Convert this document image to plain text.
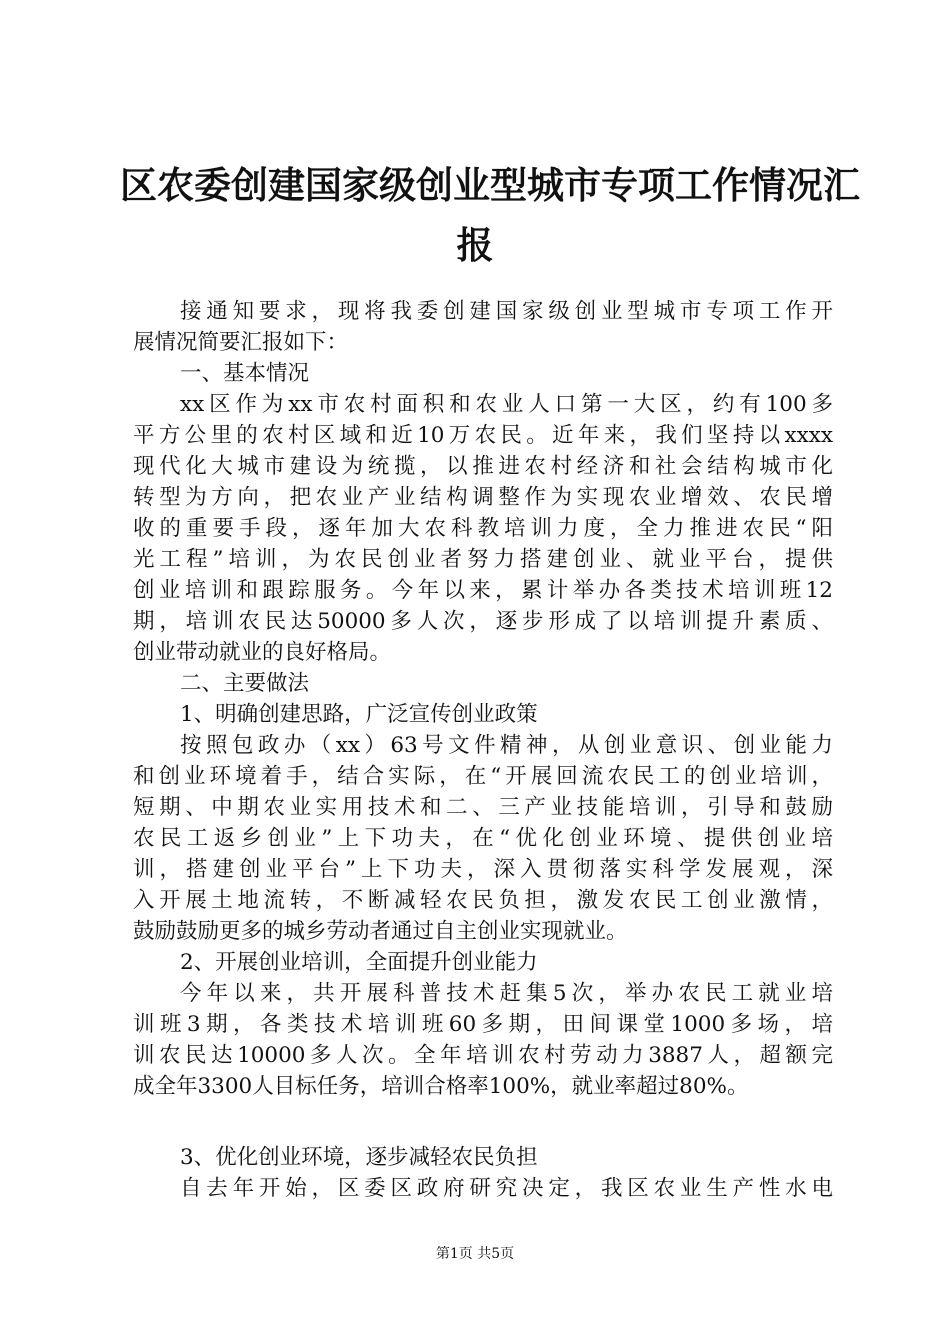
区农委创建国家级创业型城市专项工作情况汇
报
接通知要求，现将我委创建国家级创业型城市专项工作开
展情况简要汇报如下：
一、基本情况
xx区作为xx市农村面积和农业人口第一大区，约有100多
平方公里的农村区域和近10万农民。近年来，我们坚持以xxxx
现代化大城市建设为统揽，以推进农村经济和社会结构城市化
转型为方向，把农业产业结构调整作为实现农业增效、农民增
收的重要手段，逐年加大农科教培训力度，全力推进农民“阳
光工程”培训，为农民创业者努力搭建创业、就业平台，提供
创业培训和跟踪服务。今年以来，累计举办各类技术培训班12
期，培训农民达50000多人次，逐步形成了以培训提升素质、
创业带动就业的良好格局。
二、主要做法
1、明确创建思路，广泛宣传创业政策
按照包政办（xx）63号文件精神，从创业意识、创业能力
和创业环境着手，结合实际，在“开展回流农民工的创业培训，
短期、中期农业实用技术和二、三产业技能培训，引导和鼓励
农民工返乡创业”上下功夫，在“优化创业环境、提供创业培
训，搭建创业平台”上下功夫，深入贯彻落实科学发展观，深
入开展土地流转，不断减轻农民负担，激发农民工创业激情，
鼓励鼓励更多的城乡劳动者通过自主创业实现就业。
2、开展创业培训，全面提升创业能力
今年以来，共开展科普技术赶集5次，举办农民工就业培
训班3期，各类技术培训班60多期，田间课堂1000多场，培
训农民达10000多人次。全年培训农村劳动力3887人，超额完
成全年3300人目标任务，培训合格率100%，就业率超过80%。
3、优化创业环境，逐步减轻农民负担
自去年开始，区委区政府研究决定，我区农业生产性水电
第1页 共5页
